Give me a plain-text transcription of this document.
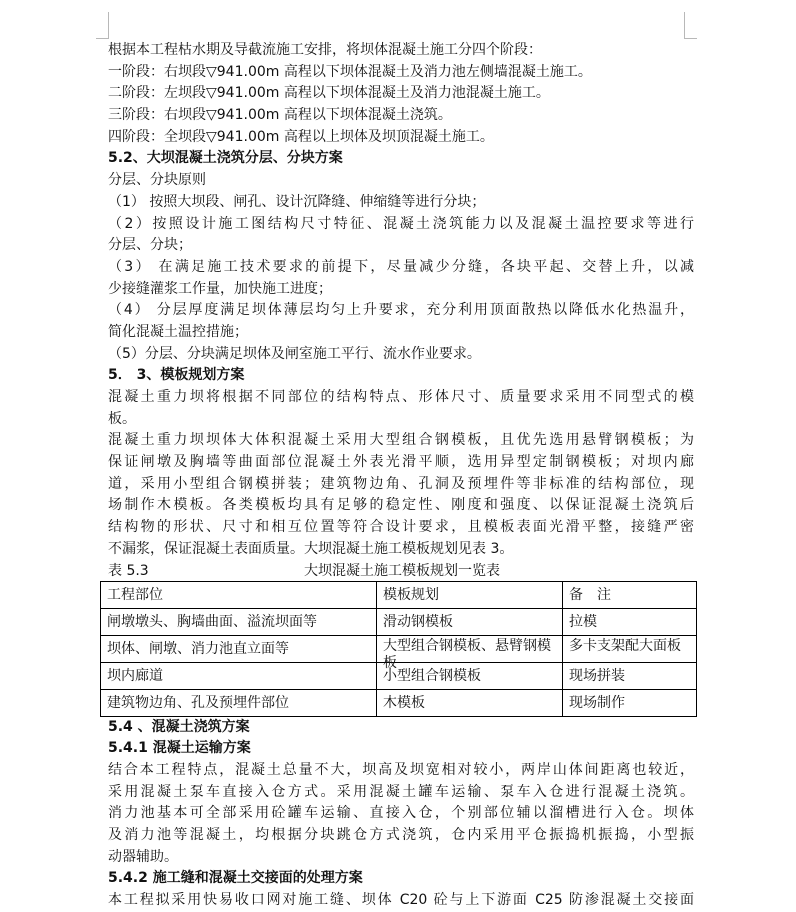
根据本工程枯水期及导截流施工安排，将坝体混凝土施工分四个阶段：
一阶段：右坝段▽941.00m 高程以下坝体混凝土及消力池左侧墙混凝土施工。
二阶段：左坝段▽941.00m 高程以下坝体混凝土及消力池混凝土施工。
三阶段：右坝段▽941.00m 高程以下坝体混凝土浇筑。
四阶段：全坝段▽941.00m 高程以上坝体及坝顶混凝土施工。
5.2、大坝混凝土浇筑分层、分块方案
分层、分块原则
（1） 按照大坝段、闸孔、设计沉降缝、伸缩缝等进行分块；
（2）按照设计施工图结构尺寸特征、混凝土浇筑能力以及混凝土温控要求等进行
分层、分块；
（3） 在满足施工技术要求的前提下，尽量减少分缝，各块平起、交替上升，以减
少接缝灌浆工作量，加快施工进度；
（4） 分层厚度满足坝体薄层均匀上升要求，充分利用顶面散热以降低水化热温升，
简化混凝土温控措施；
（5）分层、分块满足坝体及闸室施工平行、流水作业要求。
5． 3、模板规划方案
混凝土重力坝将根据不同部位的结构特点、形体尺寸、质量要求采用不同型式的模
板。
混凝土重力坝坝体大体积混凝土采用大型组合钢模板，且优先选用悬臂钢模板；为
保证闸墩及胸墙等曲面部位混凝土外表光滑平顺，选用异型定制钢模板；对坝内廊
道，采用小型组合钢模拼装；建筑物边角、孔洞及预埋件等非标准的结构部位，现
场制作木模板。各类模板均具有足够的稳定性、刚度和强度、以保证混凝土浇筑后
结构物的形状、尺寸和相互位置等符合设计要求，且模板表面光滑平整，接缝严密
不漏浆，保证混凝土表面质量。大坝混凝土施工模板规划见表 3。
表 5.3	大坝混凝土施工模板规划一览表
工程部位	模板规划	备　注
闸墩墩头、胸墙曲面、溢流坝面等	滑动钢模板	拉模
坝体、闸墩、消力池直立面等	大型组合钢模板、悬臂钢模板	多卡支架配大面板

坝内廊道	小型组合钢模板	现场拼装
建筑物边角、孔及预埋件部位	木模板	现场制作
5.4 、混凝土浇筑方案
5.4.1 混凝土运输方案
结合本工程特点，混凝土总量不大，坝高及坝宽相对较小，两岸山体间距离也较近，
采用混凝土泵车直接入仓方式。采用混凝土罐车运输、泵车入仓进行混凝土浇筑。
消力池基本可全部采用砼罐车运输、直接入仓，个别部位辅以溜槽进行入仓。坝体
及消力池等混凝土，均根据分块跳仓方式浇筑，仓内采用平仓振捣机振捣，小型振
动器辅助。
5.4.2 施工缝和混凝土交接面的处理方案
本工程拟采用快易收口网对施工缝、坝体 C20 砼与上下游面 C25 防渗混凝土交接面
